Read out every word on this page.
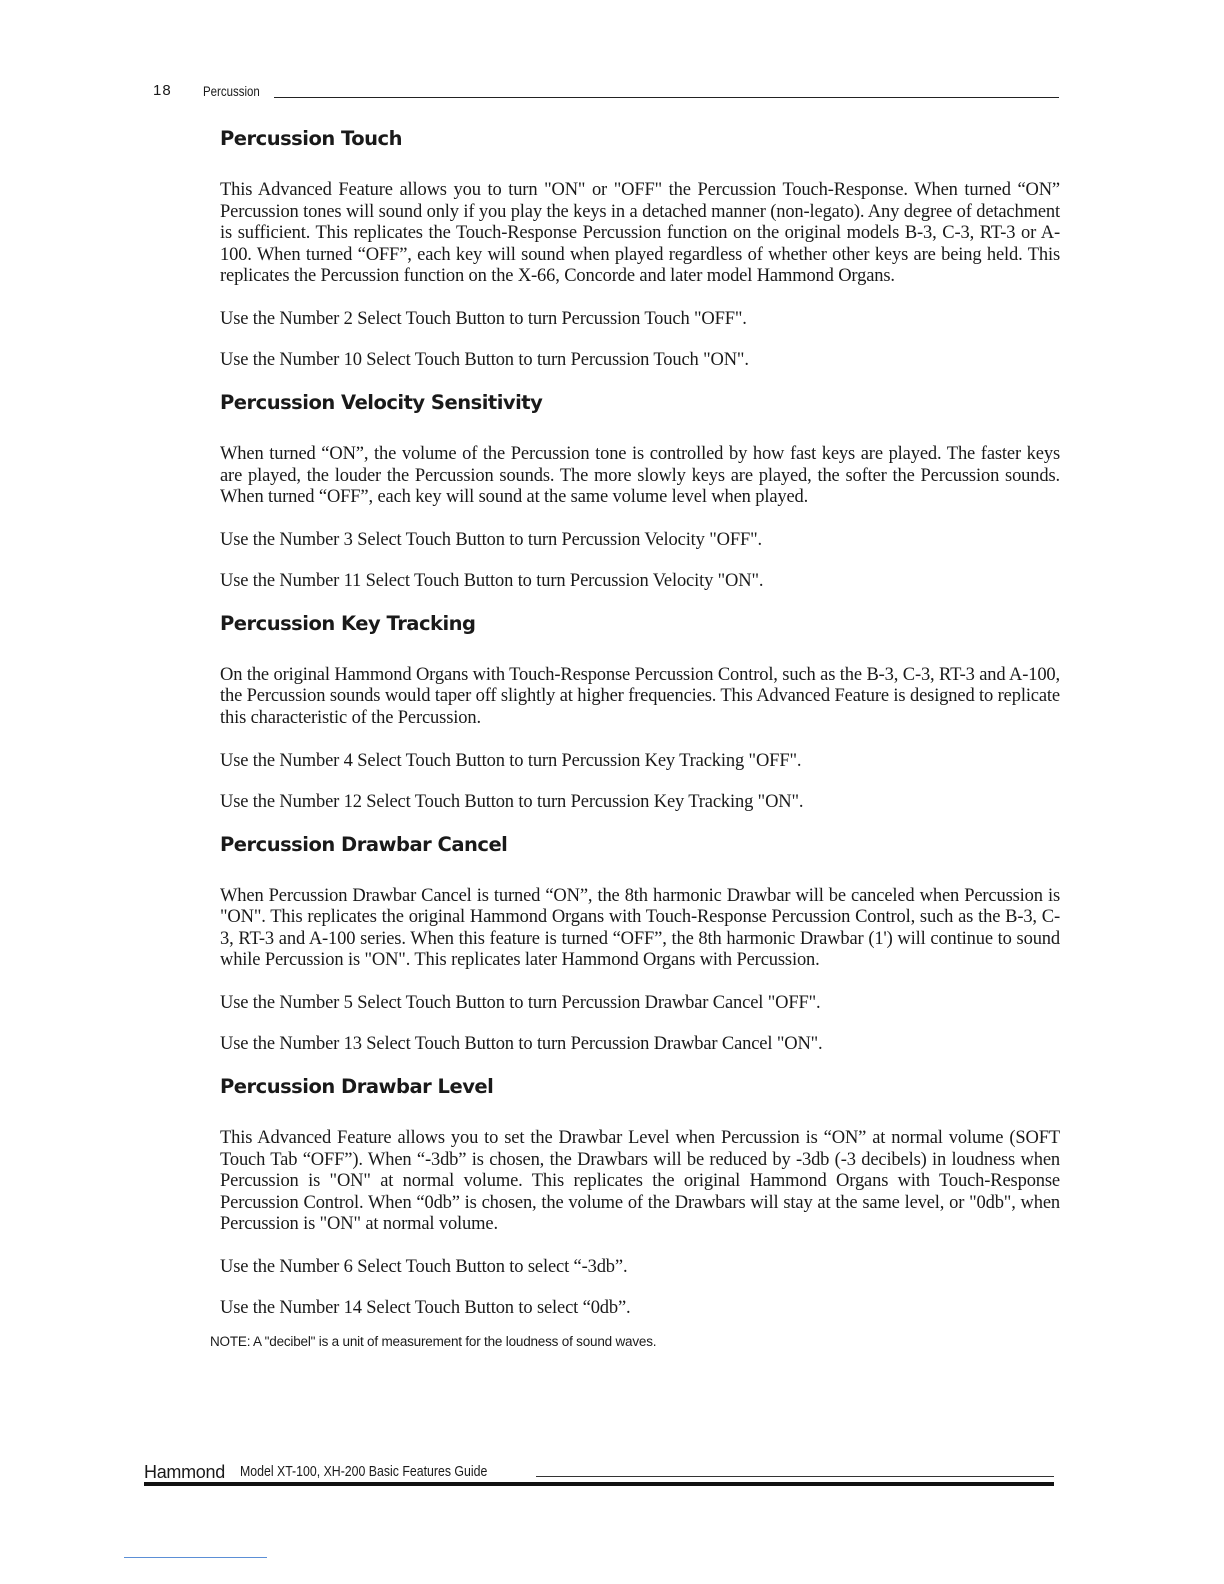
18 Percussion
Percussion Touch

This Advanced Feature allows you to turn "ON" or "OFF" the Percussion Touch-Response. When turned “ON” Percussion tones will sound only if you play the keys in a detached manner (non-legato). Any degree of detachment is sufficient. This replicates the Touch-Response Percussion function on the original models B-3, C-3, RT-3 or A-100. When turned “OFF”, each key will sound when played regardless of whether other keys are being held. This replicates the Percussion function on the X-66, Concorde and later model Hammond Organs.

Use the Number 2 Select Touch Button to turn Percussion Touch "OFF".

Use the Number 10 Select Touch Button to turn Percussion Touch "ON".

Percussion Velocity Sensitivity

When turned “ON”, the volume of the Percussion tone is controlled by how fast keys are played. The faster keys are played, the louder the Percussion sounds. The more slowly keys are played, the softer the Percussion sounds. When turned “OFF”, each key will sound at the same volume level when played.

Use the Number 3 Select Touch Button to turn Percussion Velocity "OFF".

Use the Number 11 Select Touch Button to turn Percussion Velocity "ON".

Percussion Key Tracking

On the original Hammond Organs with Touch-Response Percussion Control, such as the B-3, C-3, RT-3 and A-100, the Percussion sounds would taper off slightly at higher frequencies. This Advanced Feature is designed to replicate this characteristic of the Percussion.

Use the Number 4 Select Touch Button to turn Percussion Key Tracking "OFF".

Use the Number 12 Select Touch Button to turn Percussion Key Tracking "ON".

Percussion Drawbar Cancel

When Percussion Drawbar Cancel is turned “ON”, the 8th harmonic Drawbar will be canceled when Percussion is "ON". This replicates the original Hammond Organs with Touch-Response Percussion Control, such as the B-3, C-3, RT-3 and A-100 series. When this feature is turned “OFF”, the 8th harmonic Drawbar (1') will continue to sound while Percussion is "ON". This replicates later Hammond Organs with Percussion.

Use the Number 5 Select Touch Button to turn Percussion Drawbar Cancel "OFF".

Use the Number 13 Select Touch Button to turn Percussion Drawbar Cancel "ON".

Percussion Drawbar Level

This Advanced Feature allows you to set the Drawbar Level when Percussion is “ON” at normal volume (SOFT Touch Tab “OFF”). When “-3db” is chosen, the Drawbars will be reduced by -3db (-3 decibels) in loudness when Percussion is "ON" at normal volume. This replicates the original Hammond Organs with Touch-Response Percussion Control. When “0db” is chosen, the volume of the Drawbars will stay at the same level, or "0db", when Percussion is "ON" at normal volume.

Use the Number 6 Select Touch Button to select “-3db”.

Use the Number 14 Select Touch Button to select “0db”.

NOTE: A "decibel" is a unit of measurement for the loudness of sound waves.

Hammond Model XT-100, XH-200 Basic Features Guide
